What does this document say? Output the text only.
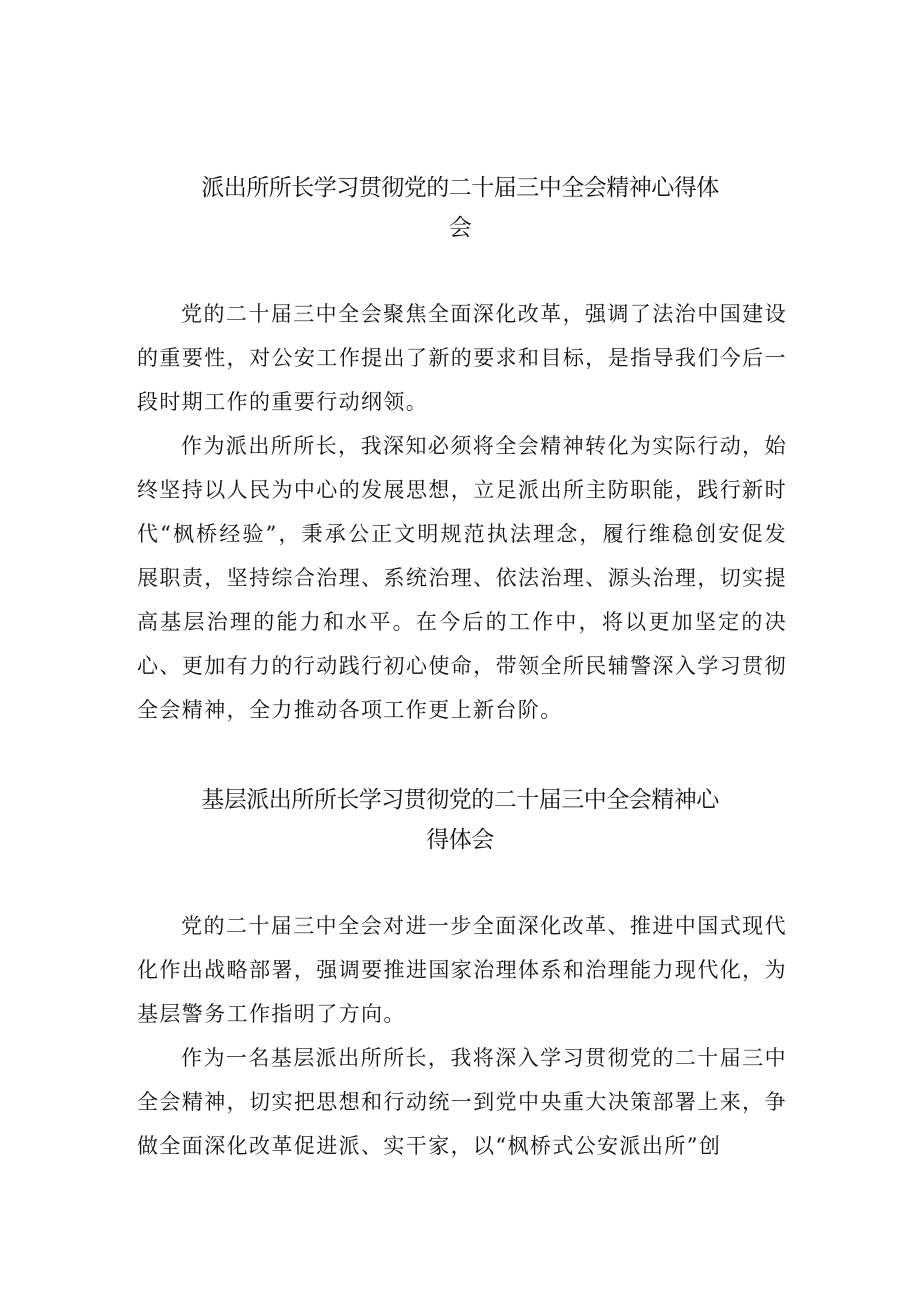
派出所所长学习贯彻党的二十届三中全会精神心得体
会

党的二十届三中全会聚焦全面深化改革，强调了法治中国建设的重要性，对公安工作提出了新的要求和目标，是指导我们今后一段时期工作的重要行动纲领。

作为派出所所长，我深知必须将全会精神转化为实际行动，始终坚持以人民为中心的发展思想，立足派出所主防职能，践行新时代“枫桥经验”，秉承公正文明规范执法理念，履行维稳创安促发展职责，坚持综合治理、系统治理、依法治理、源头治理，切实提高基层治理的能力和水平。在今后的工作中，将以更加坚定的决心、更加有力的行动践行初心使命，带领全所民辅警深入学习贯彻全会精神，全力推动各项工作更上新台阶。

基层派出所所长学习贯彻党的二十届三中全会精神心
得体会

党的二十届三中全会对进一步全面深化改革、推进中国式现代化作出战略部署，强调要推进国家治理体系和治理能力现代化，为基层警务工作指明了方向。

作为一名基层派出所所长，我将深入学习贯彻党的二十届三中全会精神，切实把思想和行动统一到党中央重大决策部署上来，争做全面深化改革促进派、实干家，以“枫桥式公安派出所”创
